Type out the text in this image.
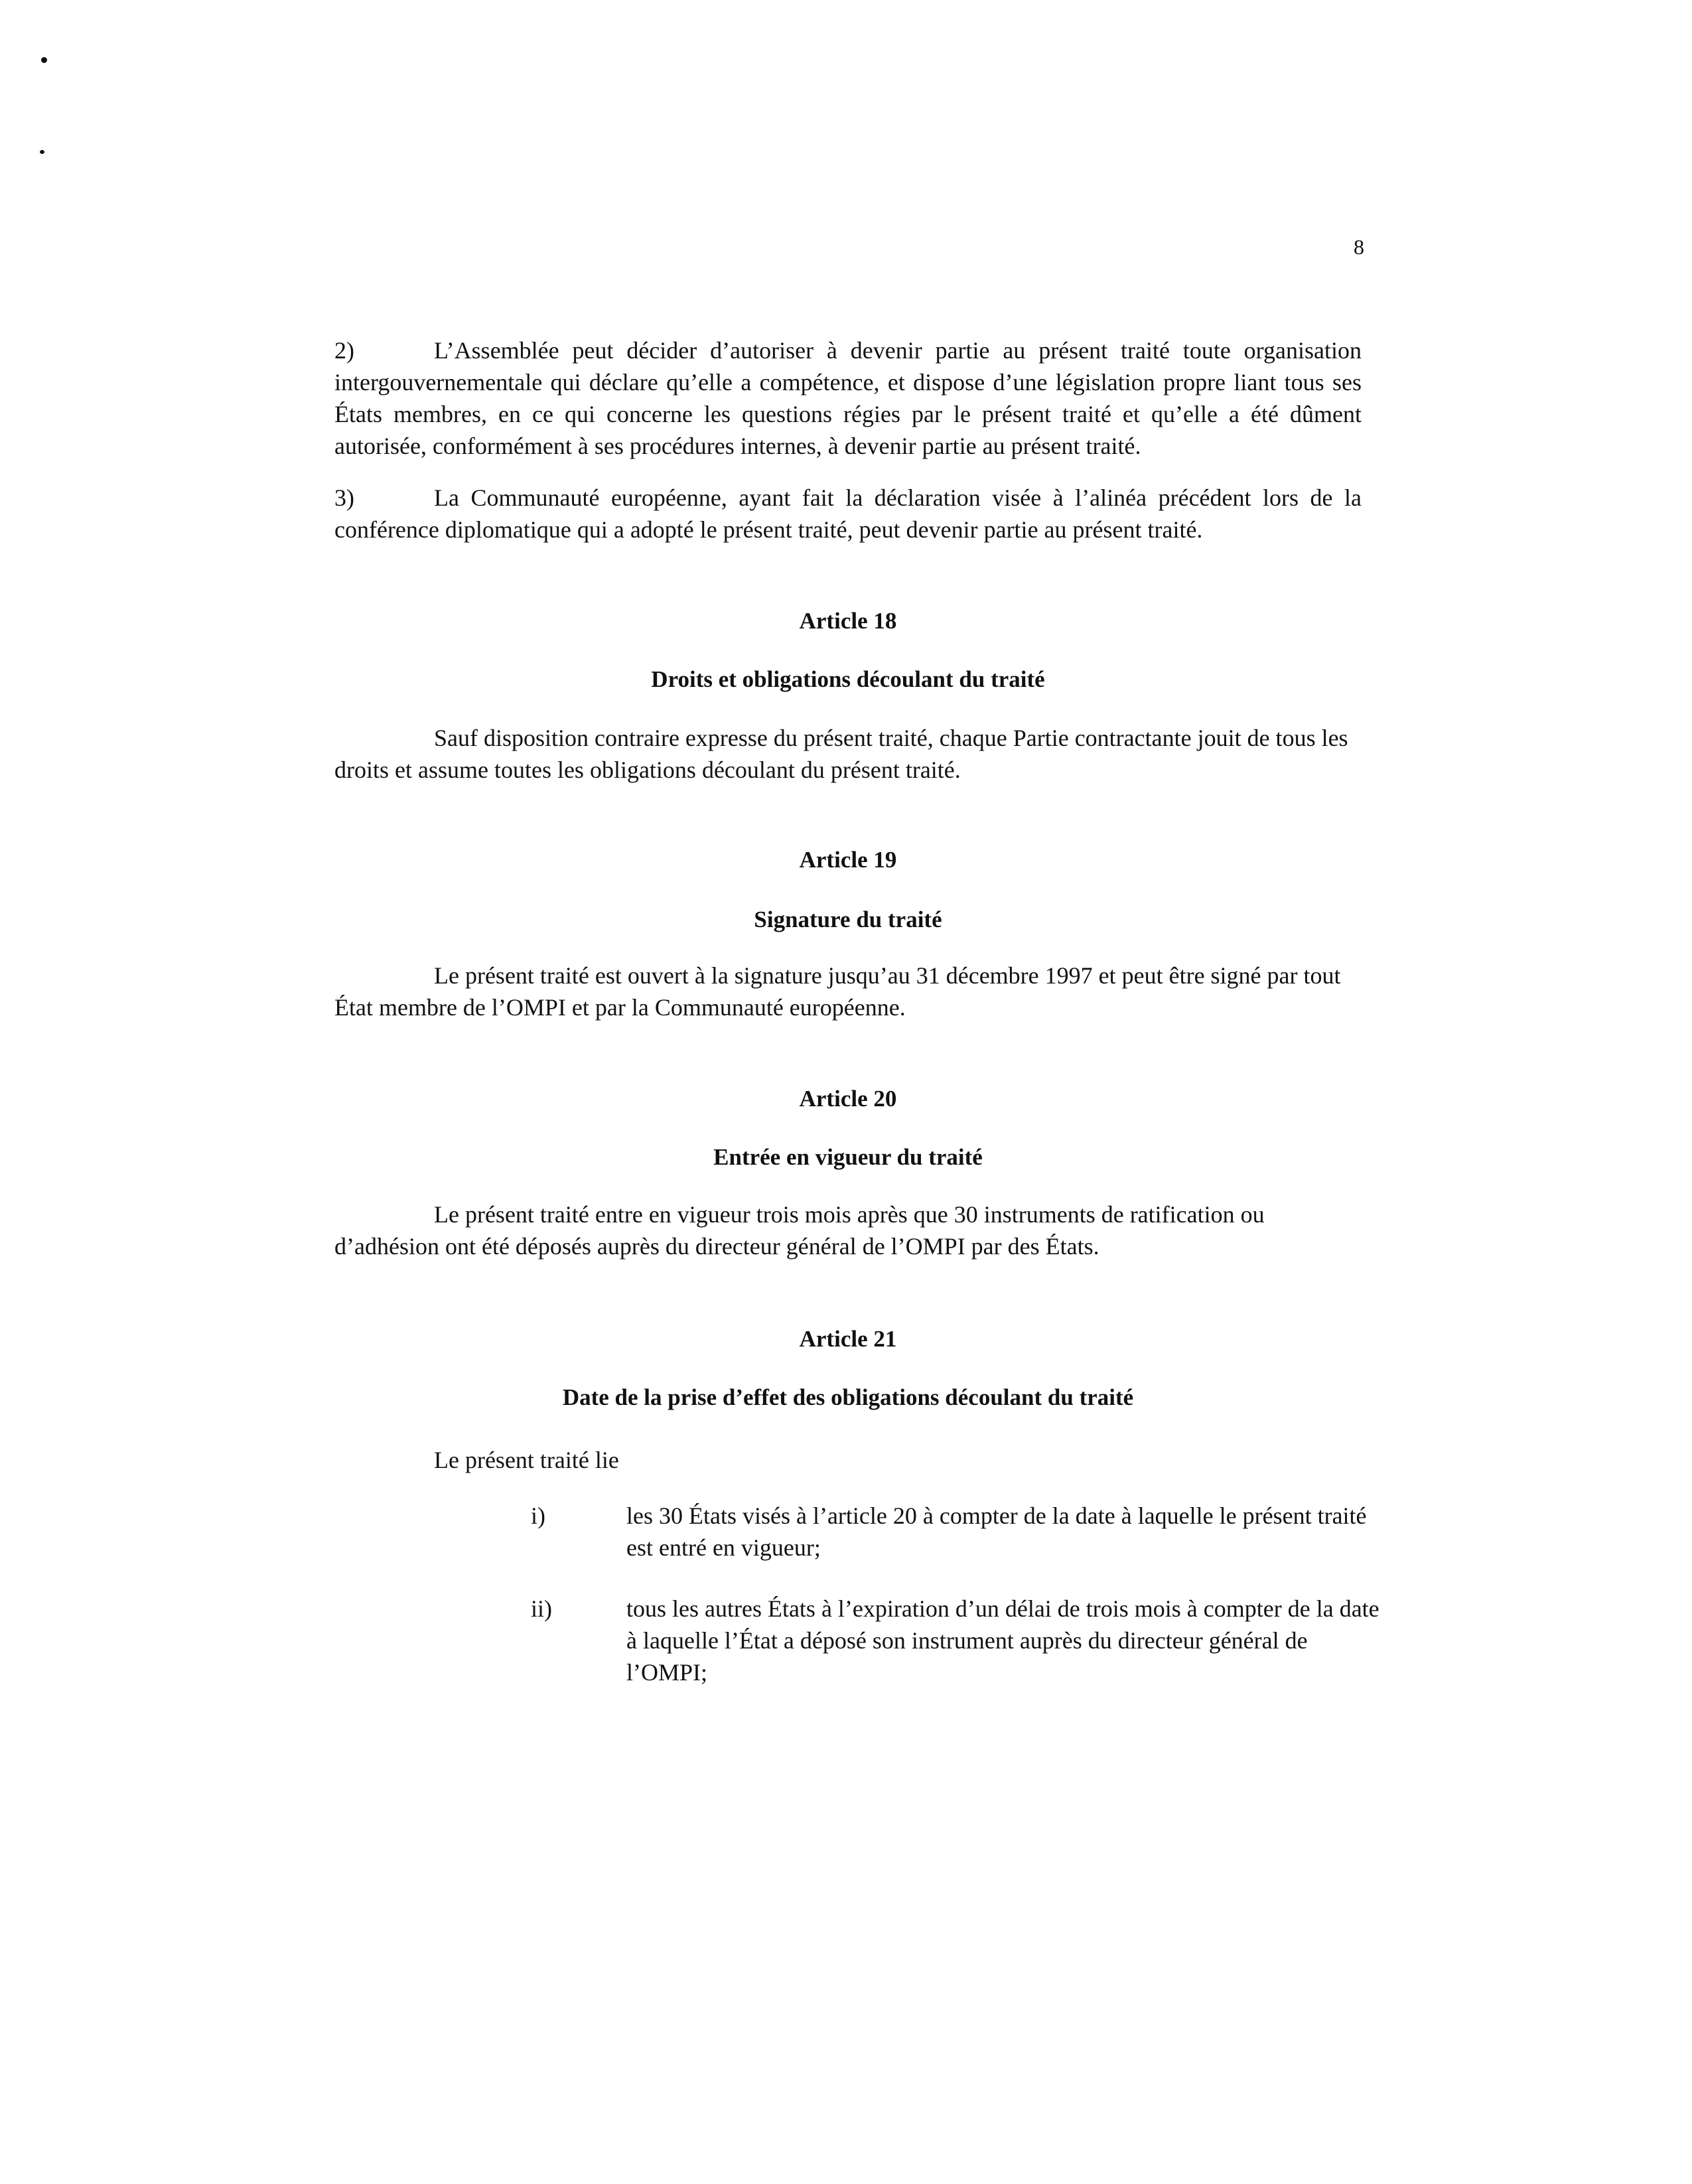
8

2)	L’Assemblée peut décider d’autoriser à devenir partie au présent traité toute organisation intergouvernementale qui déclare qu’elle a compétence, et dispose d’une législation propre liant tous ses États membres, en ce qui concerne les questions régies par le présent traité et qu’elle a été dûment autorisée, conformément à ses procédures internes, à devenir partie au présent traité.

3)	La Communauté européenne, ayant fait la déclaration visée à l’alinéa précédent lors de la conférence diplomatique qui a adopté le présent traité, peut devenir partie au présent traité.

Article 18
Droits et obligations découlant du traité

Sauf disposition contraire expresse du présent traité, chaque Partie contractante jouit de tous les droits et assume toutes les obligations découlant du présent traité.

Article 19
Signature du traité

Le présent traité est ouvert à la signature jusqu’au 31 décembre 1997 et peut être signé par tout État membre de l’OMPI et par la Communauté européenne.

Article 20
Entrée en vigueur du traité

Le présent traité entre en vigueur trois mois après que 30 instruments de ratification ou d’adhésion ont été déposés auprès du directeur général de l’OMPI par des États.

Article 21
Date de la prise d’effet des obligations découlant du traité

Le présent traité lie

i)	les 30 États visés à l’article 20 à compter de la date à laquelle le présent traité est entré en vigueur;

ii)	tous les autres États à l’expiration d’un délai de trois mois à compter de la date à laquelle l’État a déposé son instrument auprès du directeur général de l’OMPI;
